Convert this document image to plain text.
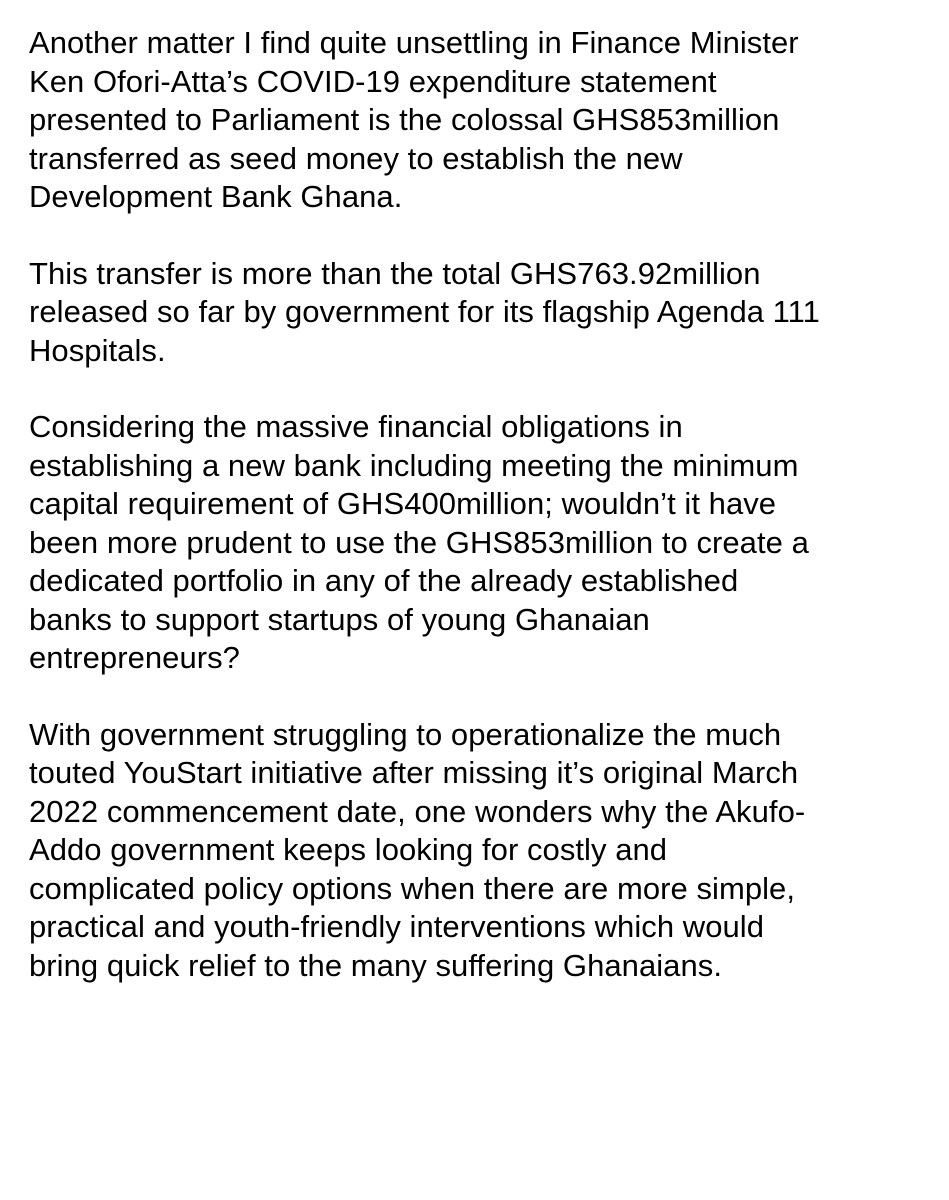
Another matter I find quite unsettling in Finance Minister
Ken Ofori-Atta’s COVID-19 expenditure statement
presented to Parliament is the colossal GHS853million
transferred as seed money to establish the new
Development Bank Ghana.

This transfer is more than the total GHS763.92million
released so far by government for its flagship Agenda 111
Hospitals.

Considering the massive financial obligations in
establishing a new bank including meeting the minimum
capital requirement of GHS400million; wouldn’t it have
been more prudent to use the GHS853million to create a
dedicated portfolio in any of the already established
banks to support startups of young Ghanaian
entrepreneurs?

With government struggling to operationalize the much
touted YouStart initiative after missing it’s original March
2022 commencement date, one wonders why the Akufo-
Addo government keeps looking for costly and
complicated policy options when there are more simple,
practical and youth-friendly interventions which would
bring quick relief to the many suffering Ghanaians.
